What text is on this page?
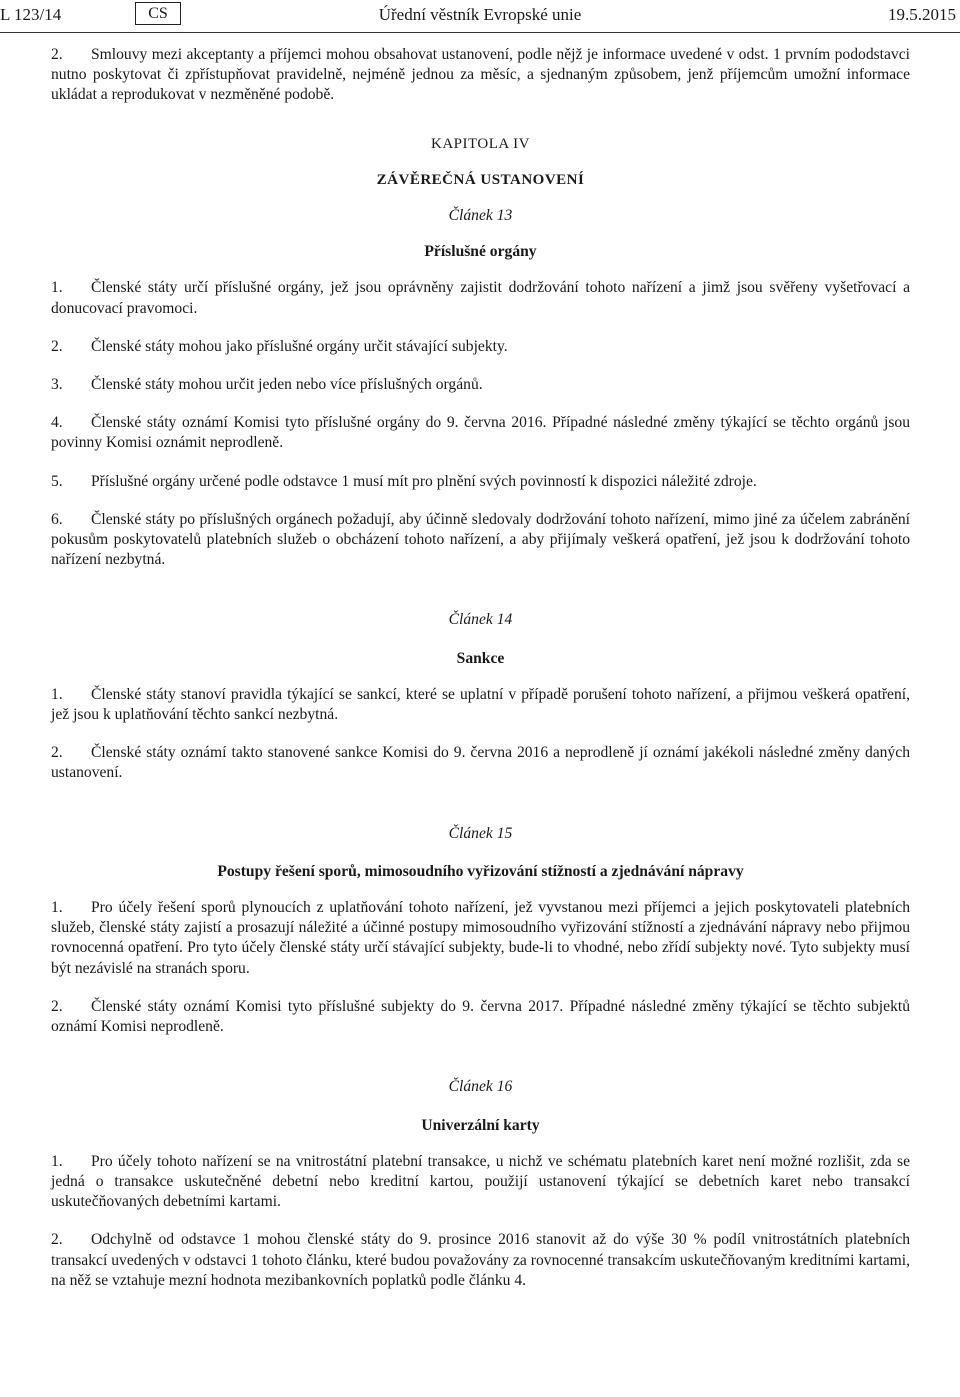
L 123/14	CS	Úřední věstník Evropské unie	19.5.2015

2. Smlouvy mezi akceptanty a příjemci mohou obsahovat ustanovení, podle nějž je informace uvedené v odst. 1 prvním pododstavci nutno poskytovat či zpřístupňovat pravidelně, nejméně jednou za měsíc, a sjednaným způsobem, jenž příjemcům umožní informace ukládat a reprodukovat v nezměněné podobě.

KAPITOLA IV

ZÁVĚREČNÁ USTANOVENÍ

Článek 13

Příslušné orgány

1. Členské státy určí příslušné orgány, jež jsou oprávněny zajistit dodržování tohoto nařízení a jimž jsou svěřeny vyšetřovací a donucovací pravomoci.

2. Členské státy mohou jako příslušné orgány určit stávající subjekty.

3. Členské státy mohou určit jeden nebo více příslušných orgánů.

4. Členské státy oznámí Komisi tyto příslušné orgány do 9. června 2016. Případné následné změny týkající se těchto orgánů jsou povinny Komisi oznámit neprodleně.

5. Příslušné orgány určené podle odstavce 1 musí mít pro plnění svých povinností k dispozici náležité zdroje.

6. Členské státy po příslušných orgánech požadují, aby účinně sledovaly dodržování tohoto nařízení, mimo jiné za účelem zabránění pokusům poskytovatelů platebních služeb o obcházení tohoto nařízení, a aby přijímaly veškerá opatření, jež jsou k dodržování tohoto nařízení nezbytná.

Článek 14

Sankce

1. Členské státy stanoví pravidla týkající se sankcí, které se uplatní v případě porušení tohoto nařízení, a přijmou veškerá opatření, jež jsou k uplatňování těchto sankcí nezbytná.

2. Členské státy oznámí takto stanovené sankce Komisi do 9. června 2016 a neprodleně jí oznámí jakékoli následné změny daných ustanovení.

Článek 15

Postupy řešení sporů, mimosoudního vyřizování stížností a zjednávání nápravy

1. Pro účely řešení sporů plynoucích z uplatňování tohoto nařízení, jež vyvstanou mezi příjemci a jejich poskytovateli platebních služeb, členské státy zajistí a prosazují náležité a účinné postupy mimosoudního vyřizování stížností a zjednávání nápravy nebo přijmou rovnocenná opatření. Pro tyto účely členské státy určí stávající subjekty, bude-li to vhodné, nebo zřídí subjekty nové. Tyto subjekty musí být nezávislé na stranách sporu.

2. Členské státy oznámí Komisi tyto příslušné subjekty do 9. června 2017. Případné následné změny týkající se těchto subjektů oznámí Komisi neprodleně.

Článek 16

Univerzální karty

1. Pro účely tohoto nařízení se na vnitrostátní platební transakce, u nichž ve schématu platebních karet není možné rozlišit, zda se jedná o transakce uskutečněné debetní nebo kreditní kartou, použijí ustanovení týkající se debetních karet nebo transakcí uskutečňovaných debetními kartami.

2. Odchylně od odstavce 1 mohou členské státy do 9. prosince 2016 stanovit až do výše 30 % podíl vnitrostátních platebních transakcí uvedených v odstavci 1 tohoto článku, které budou považovány za rovnocenné transakcím uskutečňovaným kreditními kartami, na něž se vztahuje mezní hodnota mezibankovních poplatků podle článku 4.
